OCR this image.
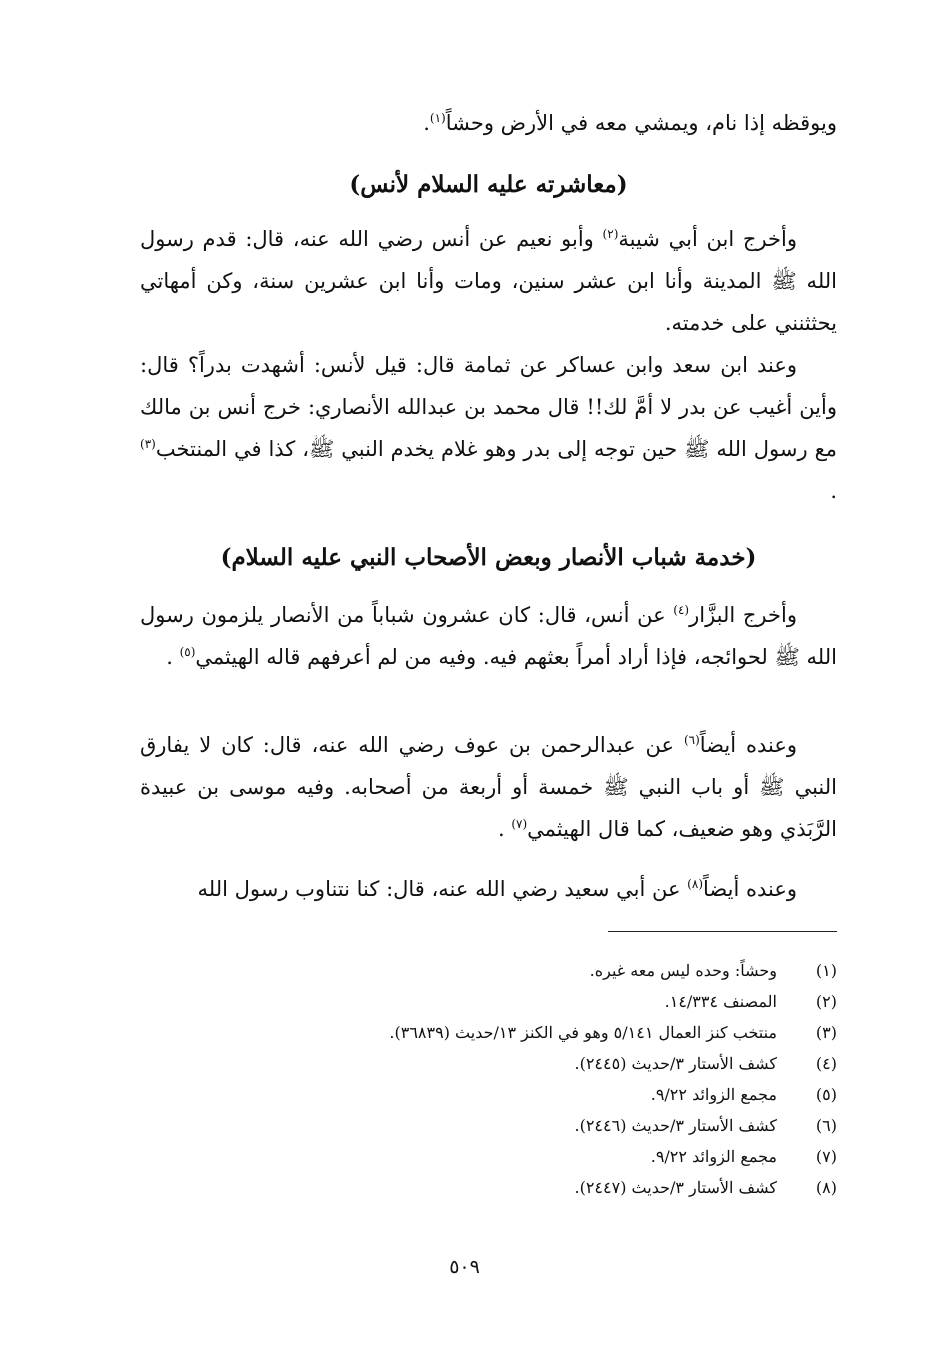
ويوقظه إذا نام، ويمشي معه في الأرض وحشاً$^{(١)}$.
(معاشرته عليه السلام لأنس)
وأخرج ابن أبي شيبة$^{(٢)}$ وأبو نعيم عن أنس رضي الله عنه، قال: قدم رسول الله ﷺ المدينة وأنا ابن عشر سنين، ومات وأنا ابن عشرين سنة، وكن أمهاتي يحثثنني على خدمته.
وعند ابن سعد وابن عساكر عن ثمامة قال: قيل لأنس: أشهدت بدراً؟ قال: وأين أغيب عن بدر لا أمَّ لك!! قال محمد بن عبدالله الأنصاري: خرج أنس بن مالك مع رسول الله ﷺ حين توجه إلى بدر وهو غلام يخدم النبي ﷺ، كذا في المنتخب$^{(٣)}$ .
(خدمة شباب الأنصار وبعض الأصحاب النبي عليه السلام)
وأخرج البزَّار$^{(٤)}$ عن أنس، قال: كان عشرون شباباً من الأنصار يلزمون رسول الله ﷺ لحوائجه، فإذا أراد أمراً بعثهم فيه. وفيه من لم أعرفهم قاله الهيثمي$^{(٥)}$ .
وعنده أيضاً$^{(٦)}$ عن عبدالرحمن بن عوف رضي الله عنه، قال: كان لا يفارق النبي ﷺ أو باب النبي ﷺ خمسة أو أربعة من أصحابه. وفيه موسى بن عبيدة الرَّبَذي وهو ضعيف، كما قال الهيثمي$^{(٧)}$ .
وعنده أيضاً$^{(٨)}$ عن أبي سعيد رضي الله عنه، قال: كنا نتناوب رسول الله
(١)
وحشاً: وحده ليس معه غيره.
(٢)
المصنف ١٤/٣٣٤.
(٣)
منتخب كنز العمال ٥/١٤١ وهو في الكنز ١٣/حديث (٣٦٨٣٩).
(٤)
كشف الأستار ٣/حديث (٢٤٤٥).
(٥)
مجمع الزوائد ٩/٢٢.
(٦)
كشف الأستار ٣/حديث (٢٤٤٦).
(٧)
مجمع الزوائد ٩/٢٢.
(٨)
كشف الأستار ٣/حديث (٢٤٤٧).
٥٠٩
